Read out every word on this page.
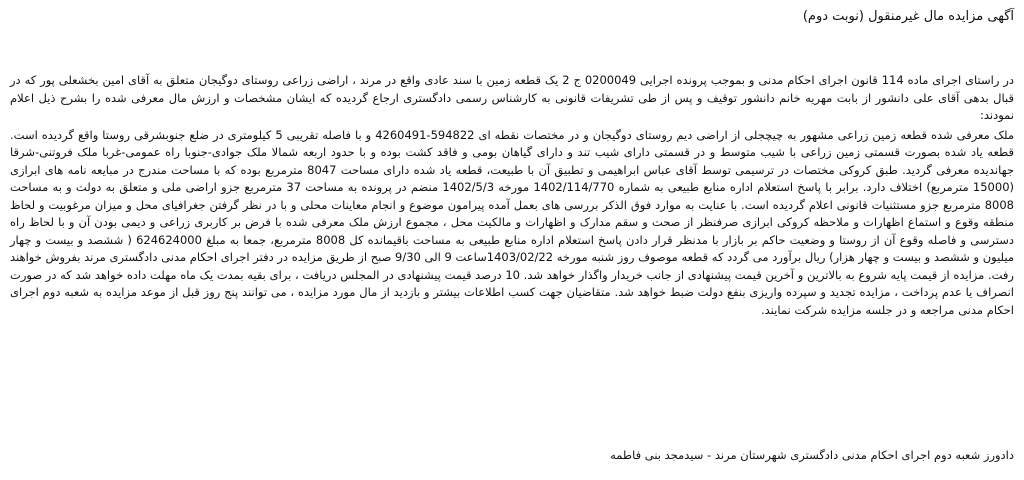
آگهی مزایده مال غیرمنقول (نوبت دوم)

در راستای اجرای ماده 114 قانون اجرای احکام مدنی و بموجب پرونده اجرایی 0200049 ج 2 یک قطعه زمین با سند عادی واقع در مرند ، اراضی زراعی روستای دوگیجان متعلق به آقای امین بخشعلی پور که در قبال بدهی آقای علی دانشور از بابت مهریه خانم دانشور توقیف و پس از طی تشریفات قانونی به کارشناس رسمی دادگستری ارجاع گردیده که ایشان مشخصات و ارزش مال معرفی شده را بشرح ذیل اعلام نمودند:

ملک معرفی شده قطعه زمین زراعی مشهور به چیچجلی از اراضی دیم روستای دوگیجان و در مختصات نقطه ای 594822-4260491 و با فاصله تقریبی 5 کیلومتری در ضلع جنوبشرقی روستا واقع گردیده است. قطعه یاد شده بصورت قسمتی زمین زراعی با شیب متوسط و در قسمتی دارای شیب تند و دارای گیاهان بومی و فاقد کشت بوده و با حدود اربعه شمالا ملک جوادی-جنوبا راه عمومی-غربا ملک فروتنی-شرقا جهاندیده معرفی گردید. طبق کروکی مختصات در ترسیمی توسط آقای عباس ابراهیمی و تطبیق آن با طبیعت، قطعه یاد شده دارای مساحت 8047 مترمربع بوده که با مساحت مندرج در مبایعه نامه های ابرازی (15000 مترمربع) اختلاف دارد. برابر با پاسخ استعلام اداره منابع طبیعی به شماره 1402/114/770 مورخه 1402/5/3 منضم در پرونده به مساحت 37 مترمربع جزو اراضی ملی و متعلق به دولت و به مساحت 8008 مترمربع جزو مستثنیات قانونی اعلام گردیده است. با عنایت به موارد فوق الذکر بررسی های بعمل آمده پیرامون موضوع و انجام معاینات محلی و با در نظر گرفتن جغرافیای محل و میزان مرغوبیت و لحاظ منطقه وقوع و استماع اظهارات و ملاحظه کروکی ابرازی صرفنظر از صحت و سقم مدارک و اظهارات و مالکیت محل ، مجموع ارزش ملک معرفی شده با فرض بر کاربری زراعی و دیمی بودن آن و با لحاظ راه دسترسی و فاصله وقوع آن از روستا و وضعیت حاکم بر بازار با مدنظر قرار دادن پاسخ استعلام اداره منابع طبیعی به مساحت باقیمانده کل 8008 مترمربع، جمعا به مبلغ 624624000 ( ششصد و بیست و چهار میلیون و ششصد و بیست و چهار هزار) ریال برآورد می گردد که قطعه موصوف روز شنبه مورخه 1403/02/22ساعت 9 الی 9/30 صبح از طریق مزایده در دفتر اجرای احکام مدنی دادگستری مرند بفروش خواهند رفت. مزایده از قیمت پایه شروع به بالاترین و آخرین قیمت پیشنهادی از جانب خریدار واگذار خواهد شد. 10 درصد قیمت پیشنهادی در المجلس دریافت ، برای بقیه بمدت یک ماه مهلت داده خواهد شد که در صورت انصراف یا عدم پرداخت ، مزایده تجدید و سپرده واریزی بنفع دولت ضبط خواهد شد. متقاضیان جهت کسب اطلاعات بیشتر و بازدید از مال مورد مزایده ، می توانند پنج روز قبل از موعد مزایده به شعبه دوم اجرای احکام مدنی مراجعه و در جلسه مزایده شرکت نمایند.

دادورز شعبه دوم اجرای احکام مدنی دادگستری شهرستان مرند - سیدمجد بنی فاطمه
